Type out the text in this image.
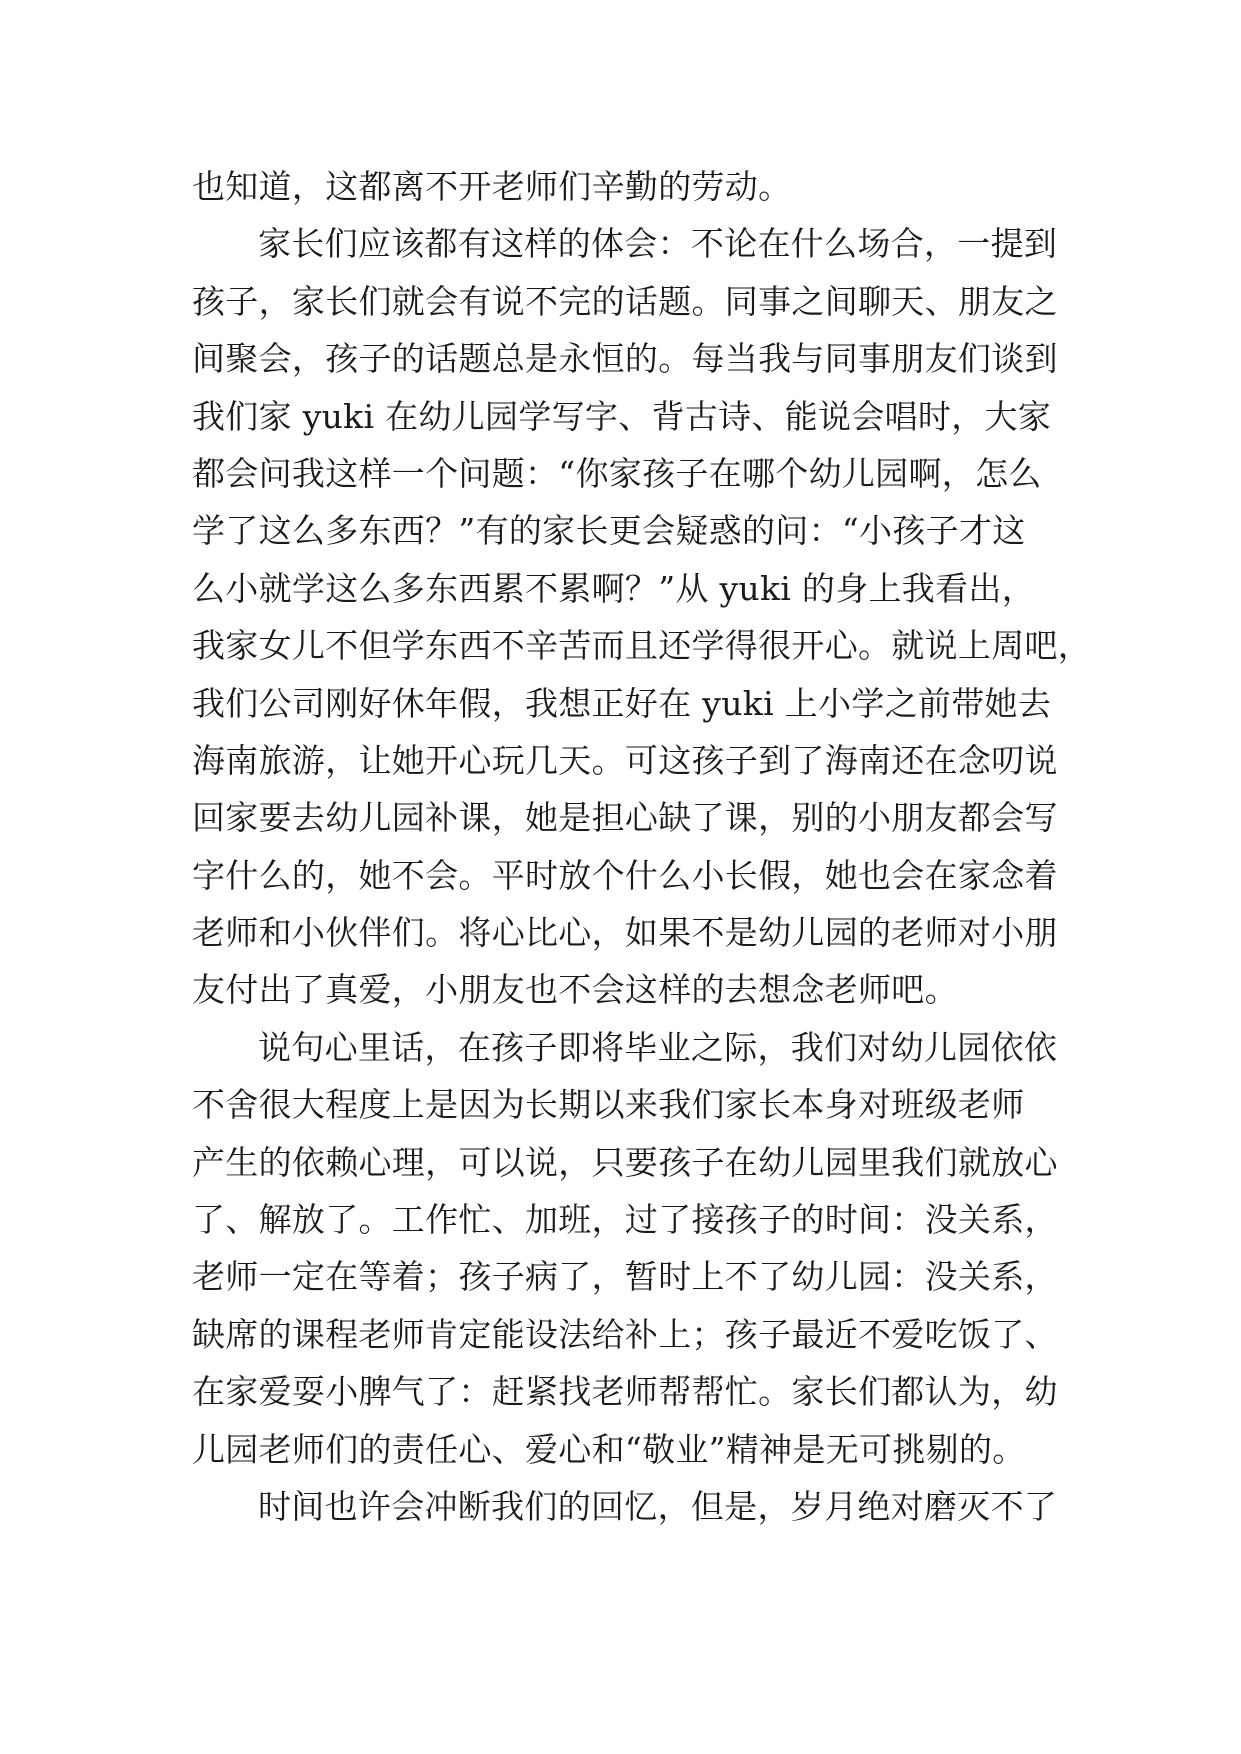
也知道，这都离不开老师们辛勤的劳动。
家长们应该都有这样的体会：不论在什么场合，一提到
孩子，家长们就会有说不完的话题。同事之间聊天、朋友之
间聚会，孩子的话题总是永恒的。每当我与同事朋友们谈到
我们家 yuki 在幼儿园学写字、背古诗、能说会唱时，大家
都会问我这样一个问题：“你家孩子在哪个幼儿园啊，怎么
学了这么多东西？”有的家长更会疑惑的问：“小孩子才这
么小就学这么多东西累不累啊？”从 yuki 的身上我看出，
我家女儿不但学东西不辛苦而且还学得很开心。就说上周吧，
我们公司刚好休年假，我想正好在 yuki 上小学之前带她去
海南旅游，让她开心玩几天。可这孩子到了海南还在念叨说
回家要去幼儿园补课，她是担心缺了课，别的小朋友都会写
字什么的，她不会。平时放个什么小长假，她也会在家念着
老师和小伙伴们。将心比心，如果不是幼儿园的老师对小朋
友付出了真爱，小朋友也不会这样的去想念老师吧。
说句心里话，在孩子即将毕业之际，我们对幼儿园依依
不舍很大程度上是因为长期以来我们家长本身对班级老师
产生的依赖心理，可以说，只要孩子在幼儿园里我们就放心
了、解放了。工作忙、加班，过了接孩子的时间：没关系，
老师一定在等着；孩子病了，暂时上不了幼儿园：没关系，
缺席的课程老师肯定能设法给补上；孩子最近不爱吃饭了、
在家爱耍小脾气了：赶紧找老师帮帮忙。家长们都认为，幼
儿园老师们的责任心、爱心和“敬业”精神是无可挑剔的。
时间也许会冲断我们的回忆，但是，岁月绝对磨灭不了
